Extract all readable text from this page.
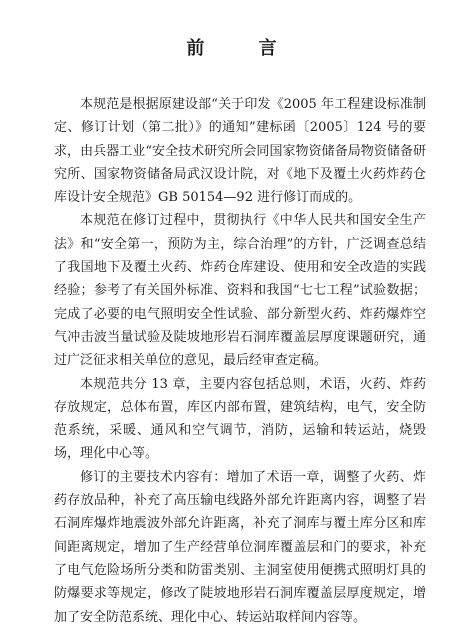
前 言

本规范是根据原建设部“关于印发《2005 年工程建设标准制定、修订计划（第二批）》的通知”建标函〔2005〕124 号的要求，由兵器工业“安全技术研究所会同国家物资储备局物资储备研究所、国家物资储备局武汉设计院，对《地下及覆土火药炸药仓库设计安全规范》GB 50154—92 进行修订而成的。

本规范在修订过程中，贯彻执行《中华人民共和国安全生产法》和“安全第一，预防为主，综合治理”的方针，广泛调查总结了我国地下及覆土火药、炸药仓库建设、使用和安全改造的实践经验；参考了有关国外标准、资料和我国“七七工程”试验数据；完成了必要的电气照明安全性试验、部分新型火药、炸药爆炸空气冲击波当量试验及陡坡地形岩石洞库覆盖层厚度课题研究，通过广泛征求相关单位的意见，最后经审查定稿。

本规范共分 13 章，主要内容包括总则，术语，火药、炸药存放规定，总体布置，库区内部布置，建筑结构，电气，安全防范系统，采暖、通风和空气调节，消防，运输和转运站，烧毁场，理化中心等。

修订的主要技术内容有：增加了术语一章，调整了火药、炸药存放品种，补充了高压输电线路外部允许距离内容，调整了岩石洞库爆炸地震波外部允许距离，补充了洞库与覆土库分区和库间距离规定，增加了生产经营单位洞库覆盖层和门的要求，补充了电气危险场所分类和防雷类别、主洞室使用便携式照明灯具的防爆要求等规定，修改了陡坡地形岩石洞库覆盖层厚度规定，增加了安全防范系统、理化中心、转运站取样间内容等。
